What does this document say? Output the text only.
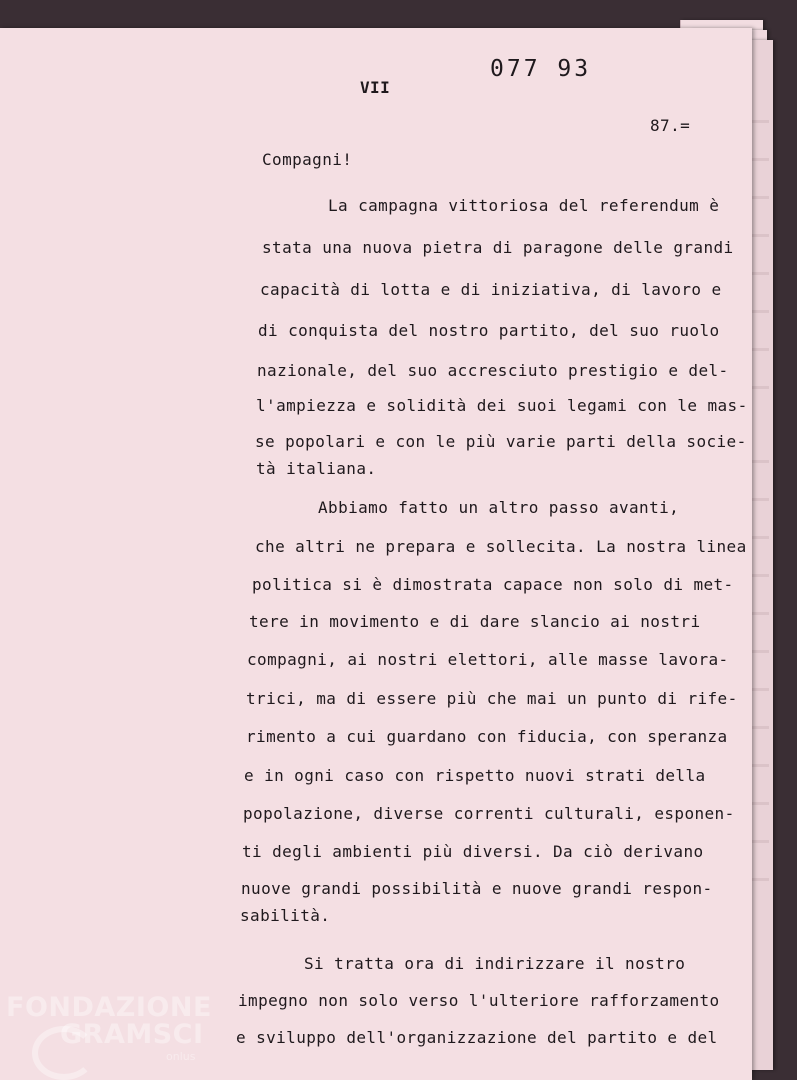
077 93
VII
87.=
Compagni!
La campagna vittoriosa del referendum è
stata una nuova pietra di paragone delle grandi
capacità di lotta e di iniziativa, di lavoro e
di conquista del nostro partito, del suo ruolo
nazionale, del suo accresciuto prestigio e del-
l'ampiezza e solidità dei suoi legami con le mas-
se popolari e con le più varie parti della socie-
tà italiana.
Abbiamo fatto un altro passo avanti,
che altri ne prepara e sollecita. La nostra linea
politica si è dimostrata capace non solo di met-
tere in movimento e di dare slancio ai nostri
compagni, ai nostri elettori, alle masse lavora-
trici, ma di essere più che mai un punto di rife-
rimento a cui guardano con fiducia, con speranza
e in ogni caso con rispetto nuovi strati della
popolazione, diverse correnti culturali, esponen-
ti degli ambienti più diversi. Da ciò derivano
nuove grandi possibilità e nuove grandi respon-
sabilità.
Si tratta ora di indirizzare il nostro
impegno non solo verso l'ulteriore rafforzamento
e sviluppo dell'organizzazione del partito e del
FONDAZIONE
GRAMSCI
onlus
